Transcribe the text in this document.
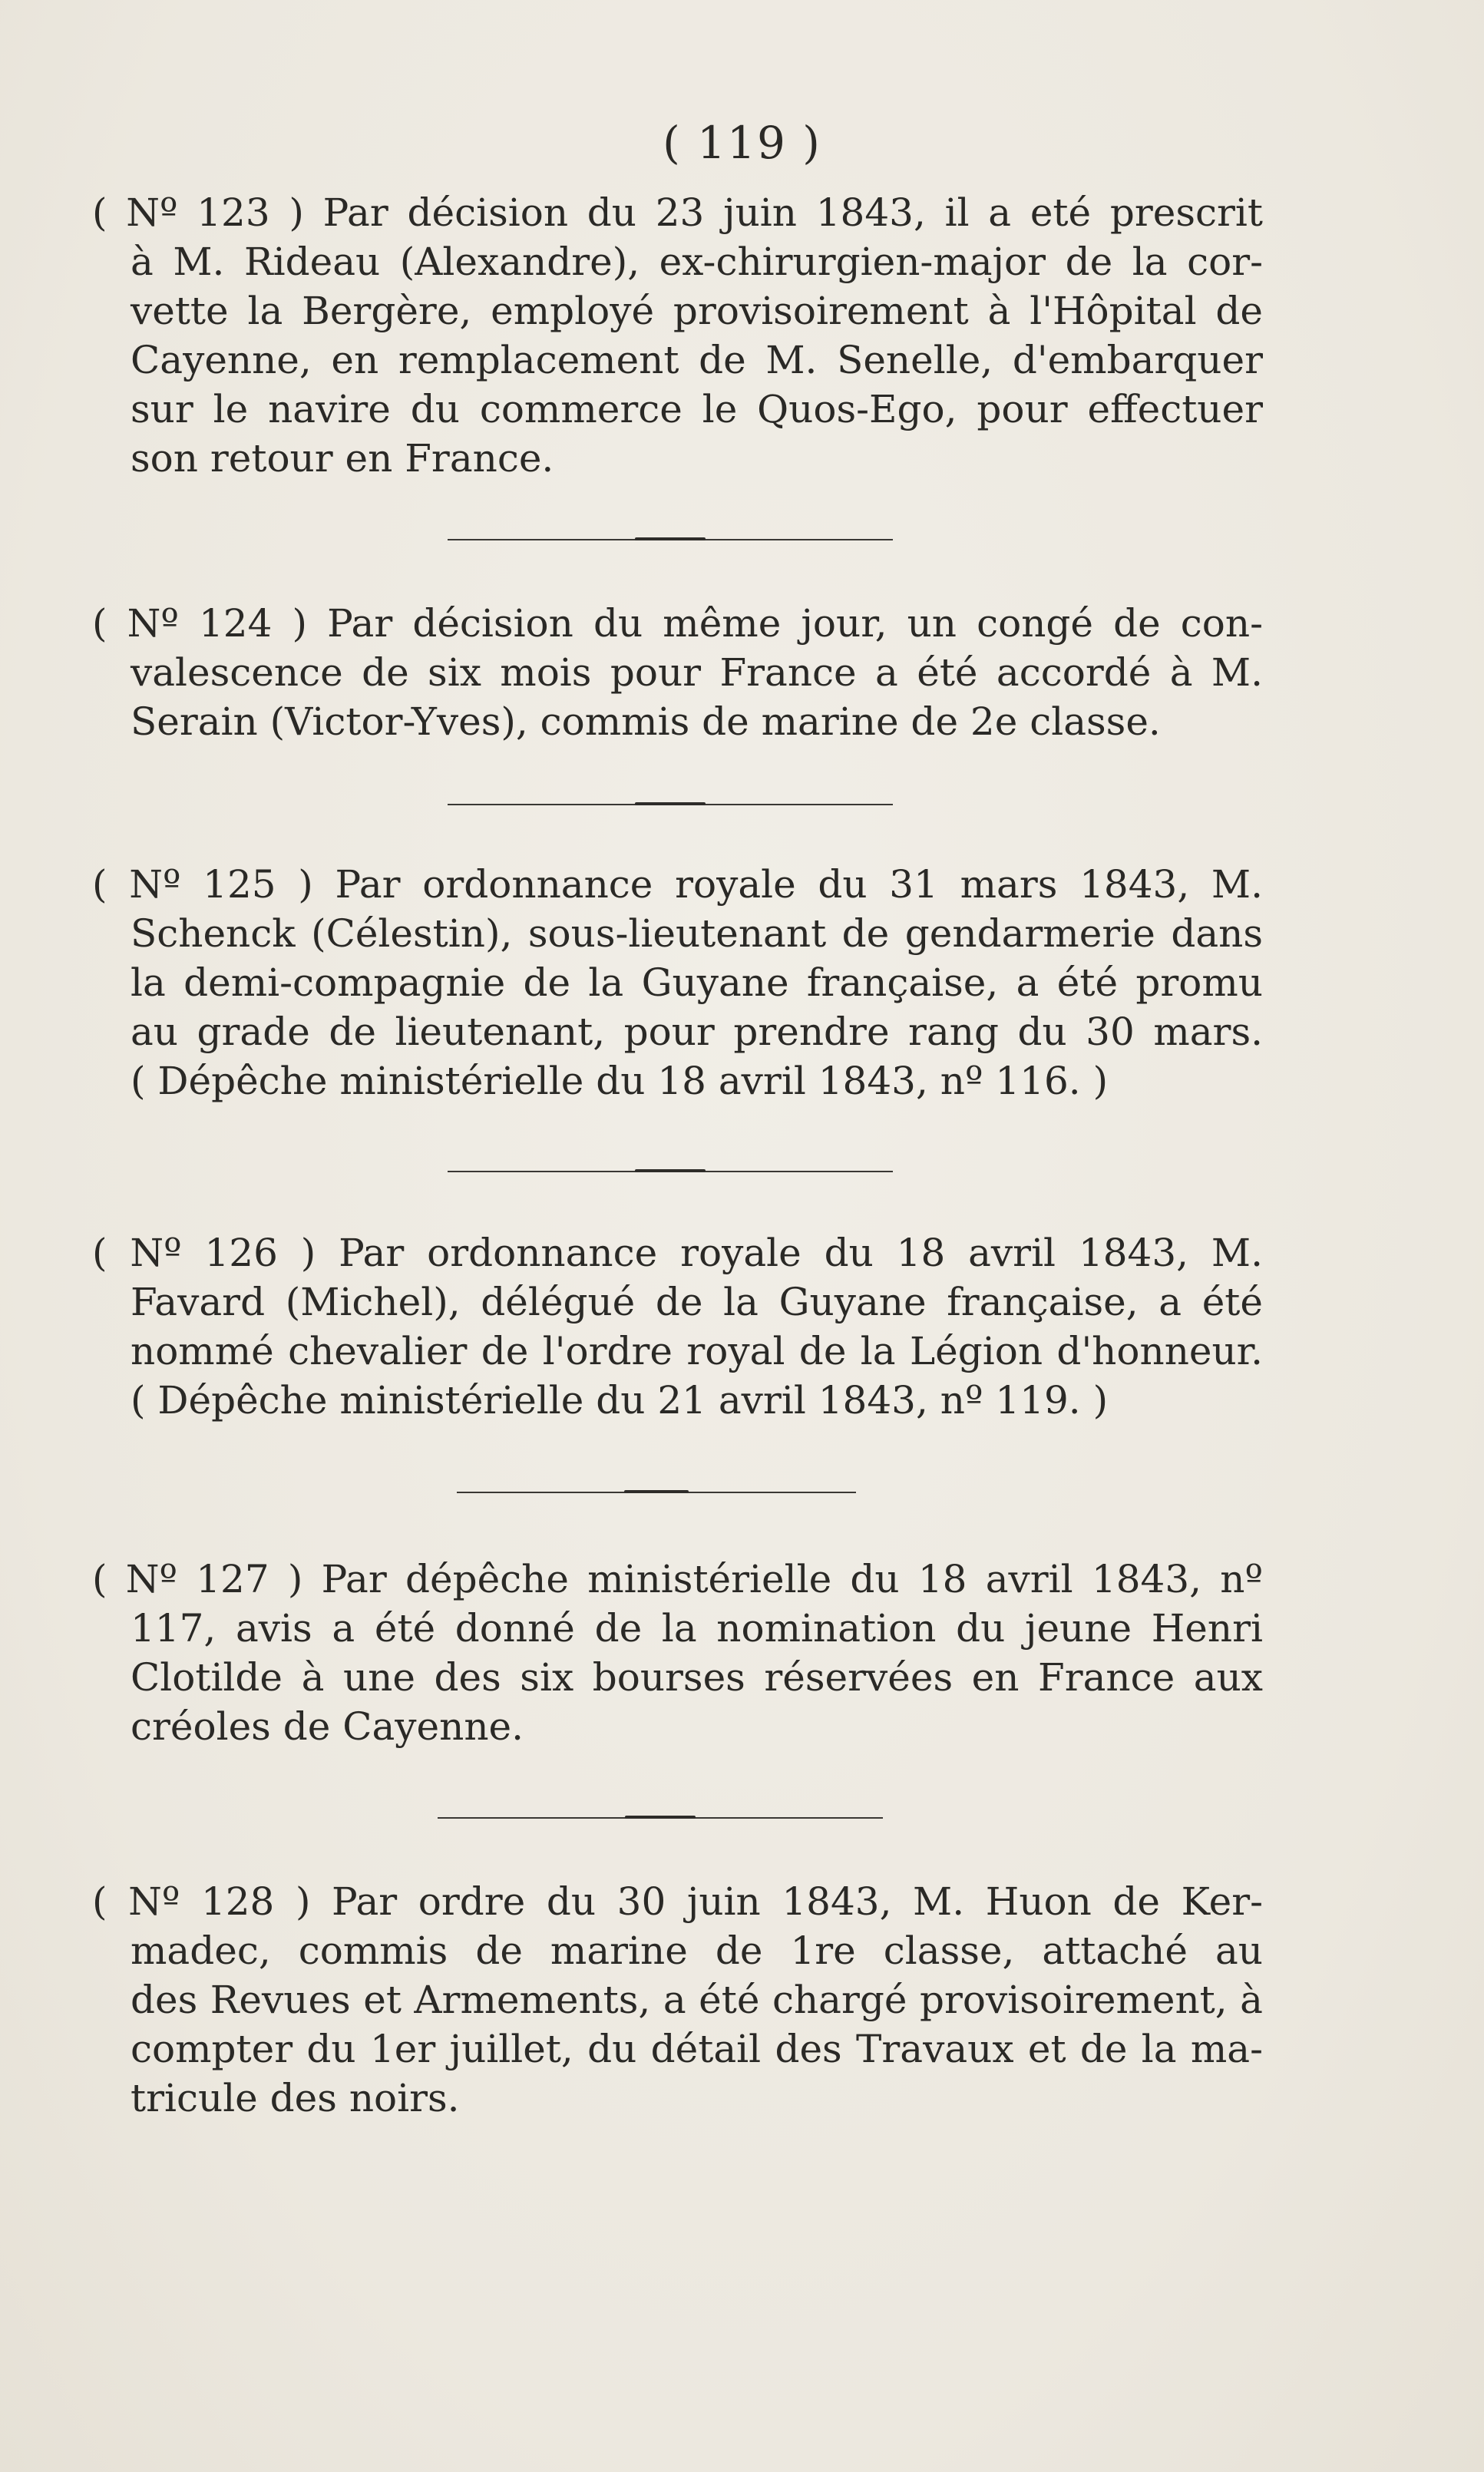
( 119 )
( Nº 123 ) Par décision du 23 juin 1843, il a eté prescrit
à M. Rideau (Alexandre), ex-chirurgien-major de la cor-
vette la Bergère, employé provisoirement à l'Hôpital de
Cayenne, en remplacement de M. Senelle, d'embarquer
sur le navire du commerce le Quos-Ego, pour effectuer
son retour en France.
( Nº 124 ) Par décision du même jour, un congé de con-
valescence de six mois pour France a été accordé à M.
Serain (Victor-Yves), commis de marine de 2e classe.
( Nº 125 ) Par ordonnance royale du 31 mars 1843, M.
Schenck (Célestin), sous-lieutenant de gendarmerie dans
la demi-compagnie de la Guyane française, a été promu
au grade de lieutenant, pour prendre rang du 30 mars.
( Dépêche ministérielle du 18 avril 1843, nº 116. )
( Nº 126 ) Par ordonnance royale du 18 avril 1843, M.
Favard (Michel), délégué de la Guyane française, a été
nommé chevalier de l'ordre royal de la Légion d'honneur.
( Dépêche ministérielle du 21 avril 1843, nº 119. )
( Nº 127 ) Par dépêche ministérielle du 18 avril 1843, nº
117, avis a été donné de la nomination du jeune Henri
Clotilde à une des six bourses réservées en France aux
créoles de Cayenne.
( Nº 128 ) Par ordre du 30 juin 1843, M. Huon de Ker-
madec, commis de marine de 1re classe, attaché au
des Revues et Armements, a été chargé provisoirement, à
compter du 1er juillet, du détail des Travaux et de la ma-
tricule des noirs.
